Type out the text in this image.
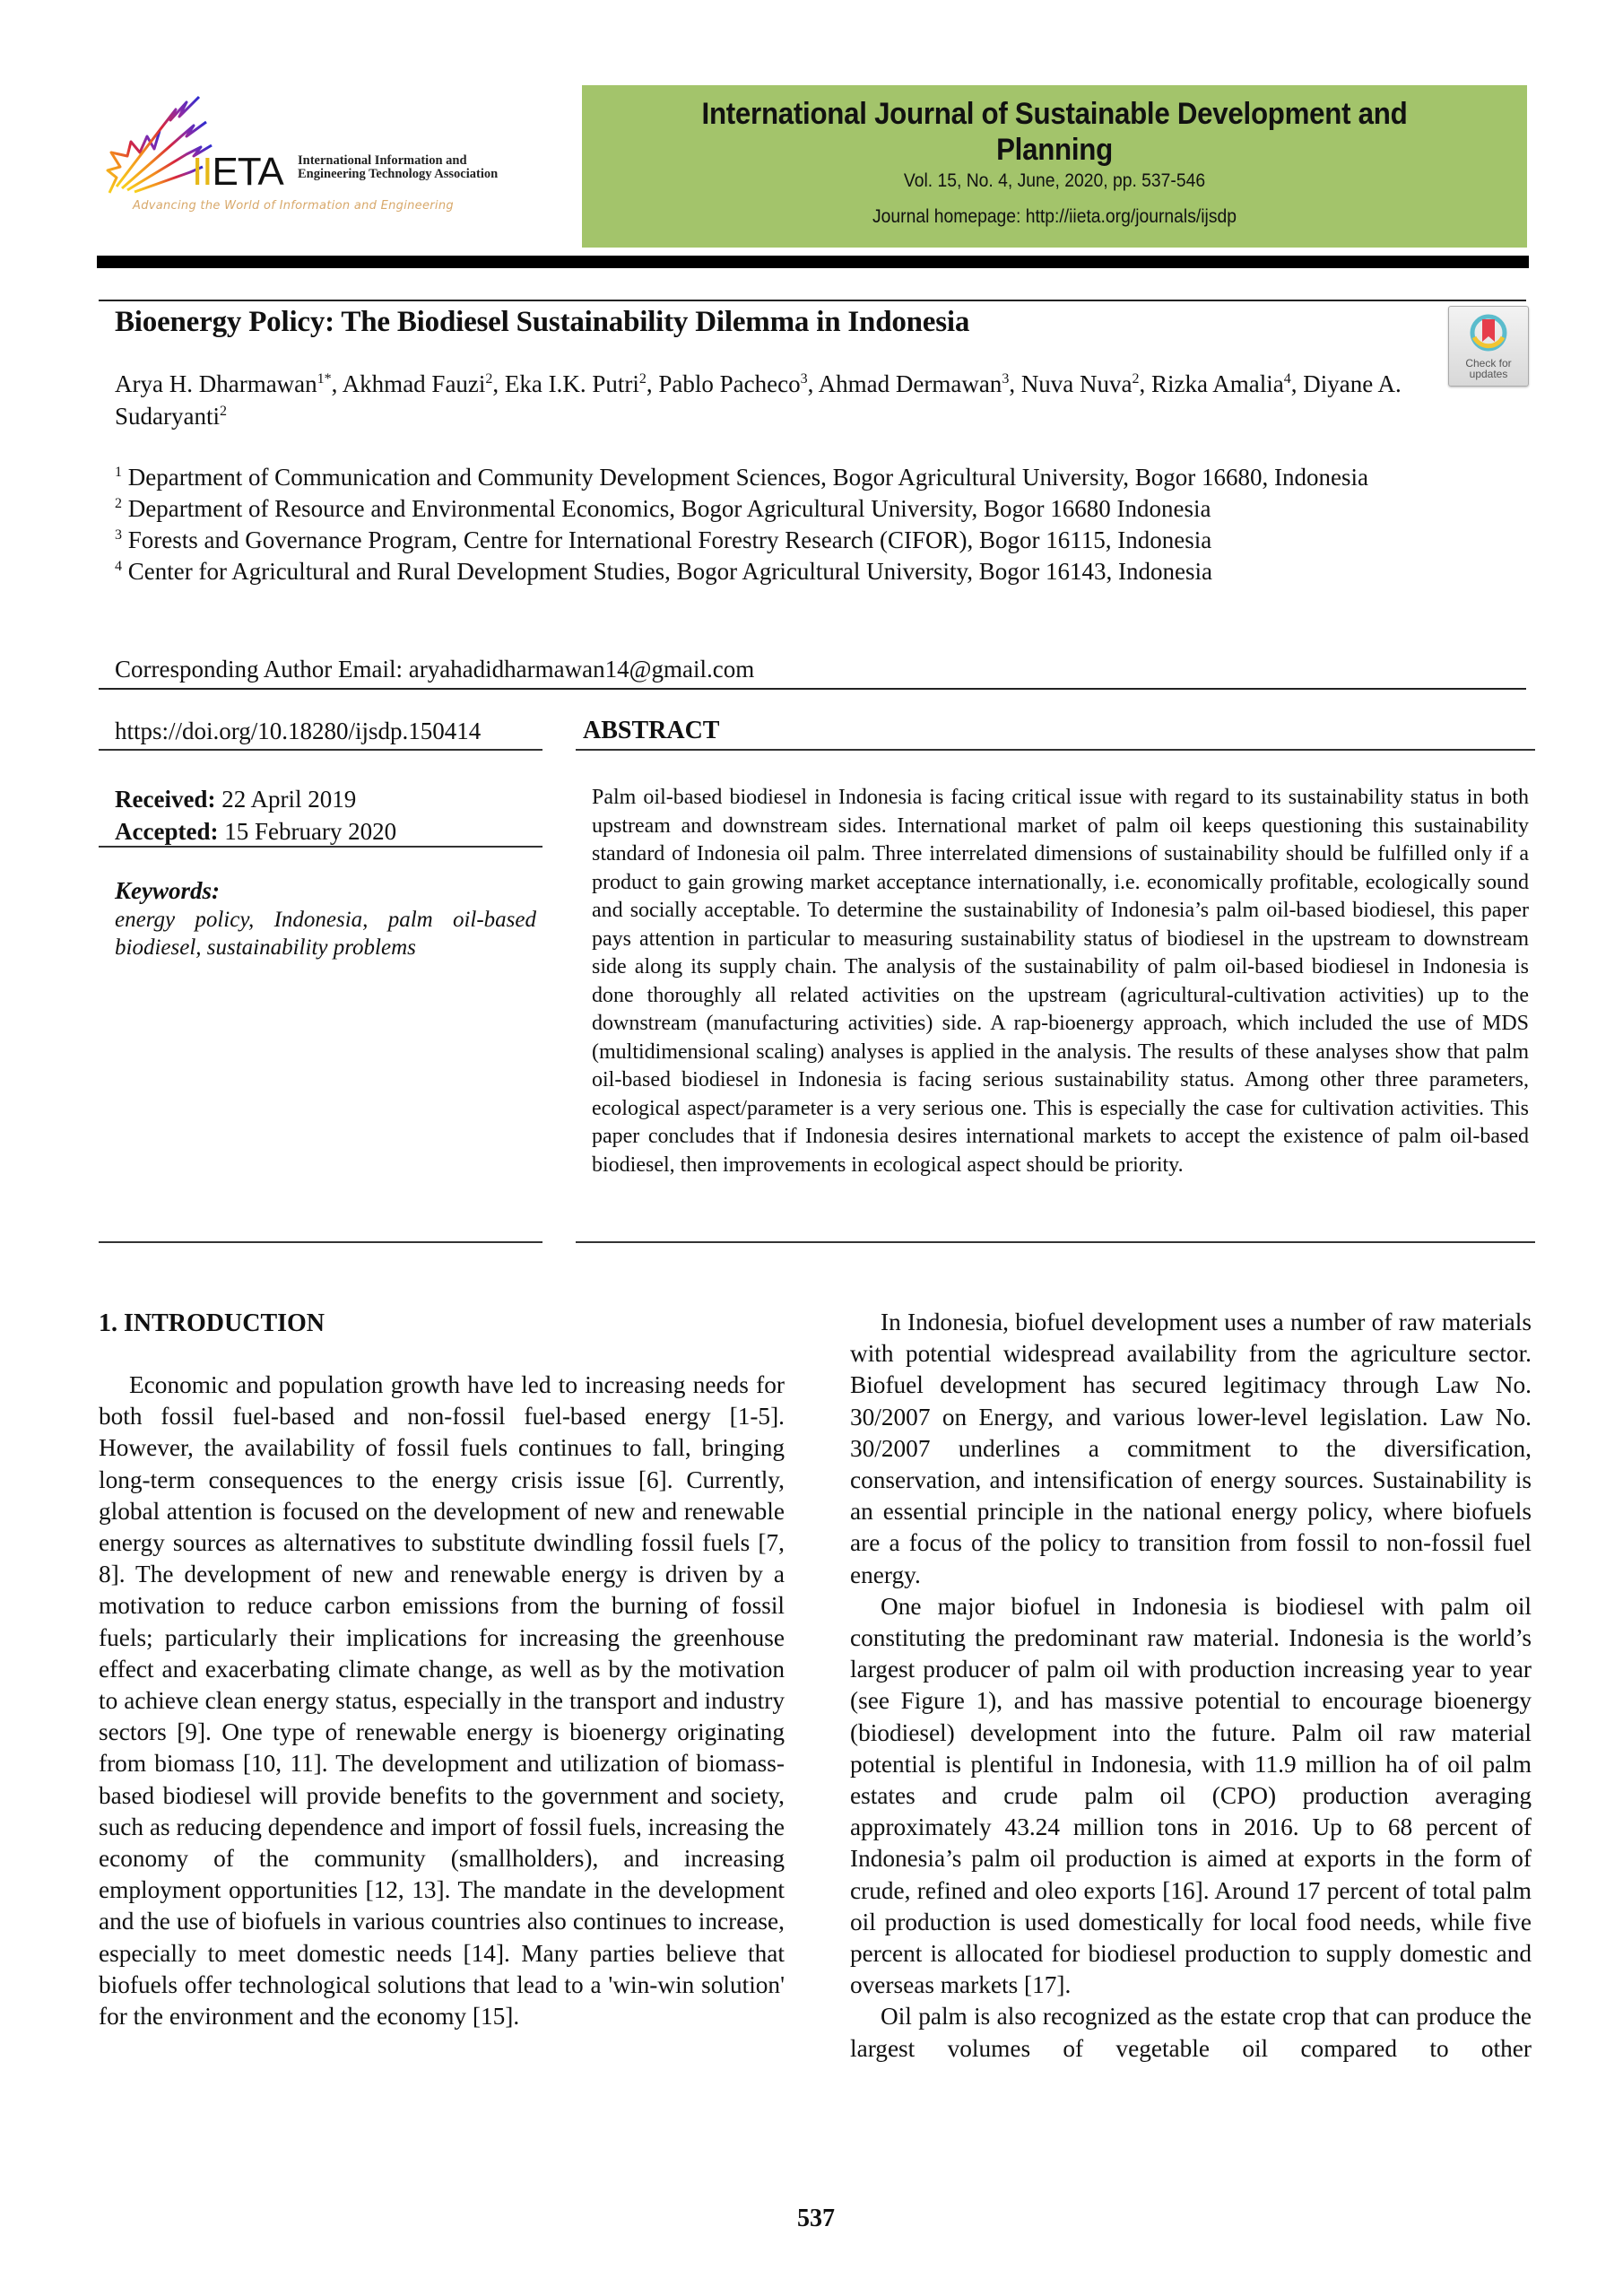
IIETA International Information and
Engineering Technology Association
Advancing the World of Information and Engineering
International Journal of Sustainable Development and
Planning
Vol. 15, No. 4, June, 2020, pp. 537-546
Journal homepage: http://iieta.org/journals/ijsdp
Bioenergy Policy: The Biodiesel Sustainability Dilemma in Indonesia
Check for
updates
Arya H. Dharmawan$^{1*}$, Akhmad Fauzi$^2$, Eka I.K. Putri$^2$, Pablo Pacheco$^3$, Ahmad Dermawan$^3$, Nuva Nuva$^2$, Rizka Amalia$^4$, Diyane A. Sudaryanti$^2$
$^1$ Department of Communication and Community Development Sciences, Bogor Agricultural University, Bogor 16680, Indonesia
$^2$ Department of Resource and Environmental Economics, Bogor Agricultural University, Bogor 16680 Indonesia
$^3$ Forests and Governance Program, Centre for International Forestry Research (CIFOR), Bogor 16115, Indonesia
$^4$ Center for Agricultural and Rural Development Studies, Bogor Agricultural University, Bogor 16143, Indonesia
Corresponding Author Email: aryahadidharmawan14@gmail.com
https://doi.org/10.18280/ijsdp.150414
Received: 22 April 2019
Accepted: 15 February 2020
Keywords:
energy policy, Indonesia, palm oil-based biodiesel, sustainability problems
ABSTRACT
Palm oil-based biodiesel in Indonesia is facing critical issue with regard to its sustainability status in both upstream and downstream sides. International market of palm oil keeps questioning this sustainability standard of Indonesia oil palm. Three interrelated dimensions of sustainability should be fulfilled only if a product to gain growing market acceptance internationally, i.e. economically profitable, ecologically sound and socially acceptable. To determine the sustainability of Indonesia’s palm oil-based biodiesel, this paper pays attention in particular to measuring sustainability status of biodiesel in the upstream to downstream side along its supply chain. The analysis of the sustainability of palm oil-based biodiesel in Indonesia is done thoroughly all related activities on the upstream (agricultural-cultivation activities) up to the downstream (manufacturing activities) side. A rap-bioenergy approach, which included the use of MDS (multidimensional scaling) analyses is applied in the analysis. The results of these analyses show that palm oil-based biodiesel in Indonesia is facing serious sustainability status. Among other three parameters, ecological aspect/parameter is a very serious one. This is especially the case for cultivation activities. This paper concludes that if Indonesia desires international markets to accept the existence of palm oil-based biodiesel, then improvements in ecological aspect should be priority.
1. INTRODUCTION

Economic and population growth have led to increasing needs for both fossil fuel-based and non-fossil fuel-based energy [1-5]. However, the availability of fossil fuels continues to fall, bringing long-term consequences to the energy crisis issue [6]. Currently, global attention is focused on the development of new and renewable energy sources as alternatives to substitute dwindling fossil fuels [7, 8]. The development of new and renewable energy is driven by a motivation to reduce carbon emissions from the burning of fossil fuels; particularly their implications for increasing the greenhouse effect and exacerbating climate change, as well as by the motivation to achieve clean energy status, especially in the transport and industry sectors [9]. One type of renewable energy is bioenergy originating from biomass [10, 11]. The development and utilization of biomass-based biodiesel will provide benefits to the government and society, such as reducing dependence and import of fossil fuels, increasing the economy of the community (smallholders), and increasing employment opportunities [12, 13]. The mandate in the development and the use of biofuels in various countries also continues to increase, especially to meet domestic needs [14]. Many parties believe that biofuels offer technological solutions that lead to a 'win-win solution' for the environment and the economy [15].

In Indonesia, biofuel development uses a number of raw materials with potential widespread availability from the agriculture sector. Biofuel development has secured legitimacy through Law No. 30/2007 on Energy, and various lower-level legislation. Law No. 30/2007 underlines a commitment to the diversification, conservation, and intensification of energy sources. Sustainability is an essential principle in the national energy policy, where biofuels are a focus of the policy to transition from fossil to non-fossil fuel energy.

One major biofuel in Indonesia is biodiesel with palm oil constituting the predominant raw material. Indonesia is the world’s largest producer of palm oil with production increasing year to year (see Figure 1), and has massive potential to encourage bioenergy (biodiesel) development into the future. Palm oil raw material potential is plentiful in Indonesia, with 11.9 million ha of oil palm estates and crude palm oil (CPO) production averaging approximately 43.24 million tons in 2016. Up to 68 percent of Indonesia’s palm oil production is aimed at exports in the form of crude, refined and oleo exports [16]. Around 17 percent of total palm oil production is used domestically for local food needs, while five percent is allocated for biodiesel production to supply domestic and overseas markets [17].

Oil palm is also recognized as the estate crop that can produce the largest volumes of vegetable oil compared to other

537
